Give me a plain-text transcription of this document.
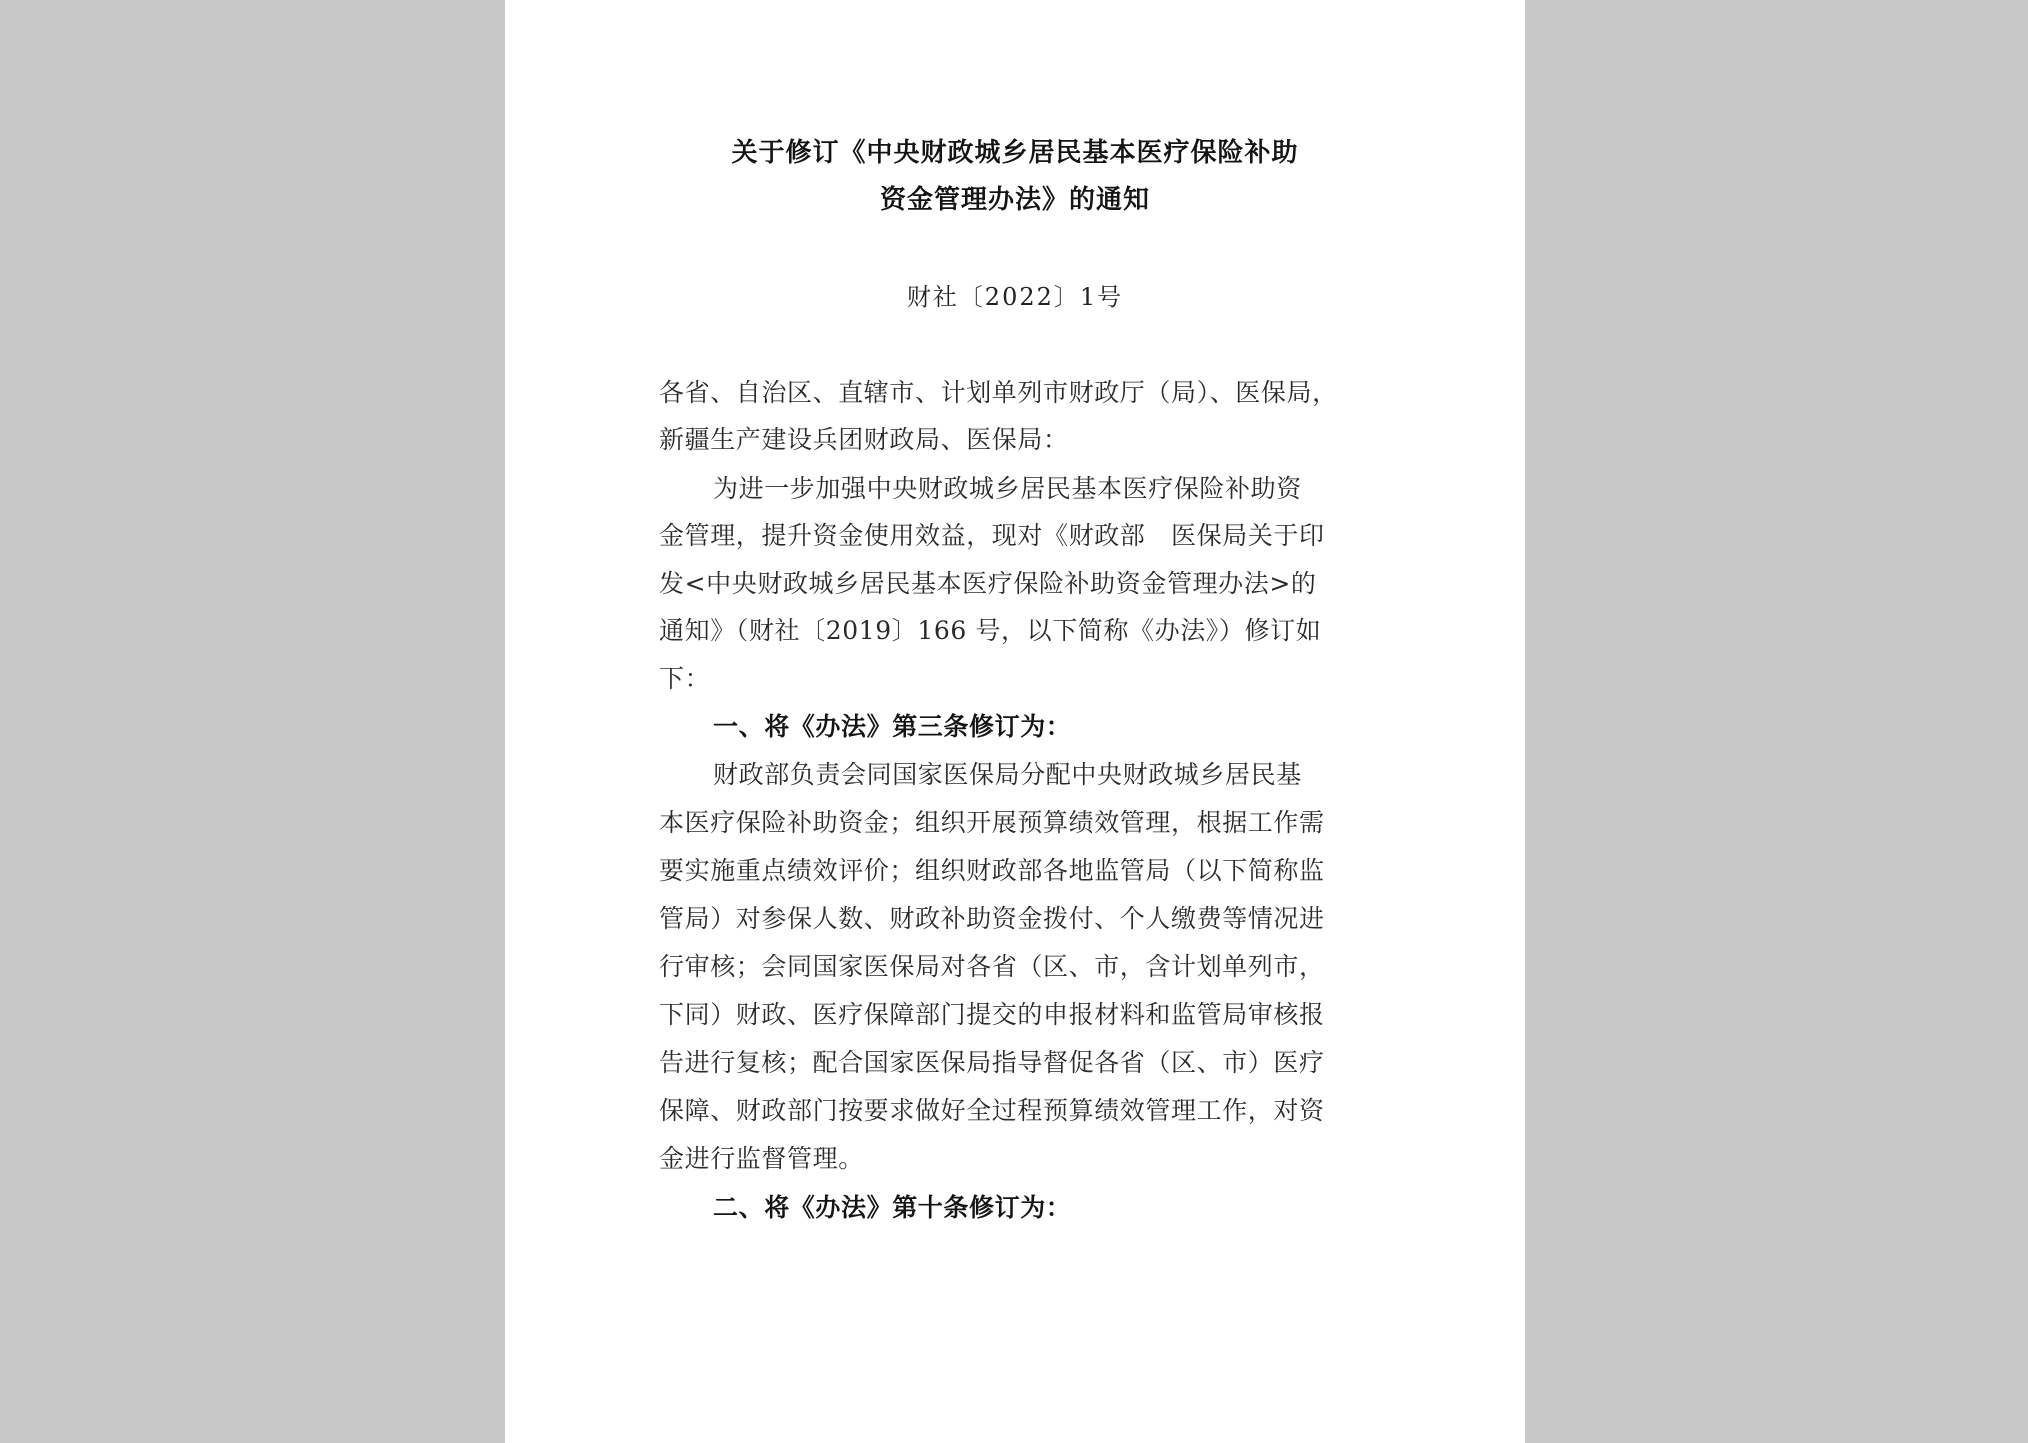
关于修订《中央财政城乡居民基本医疗保险补助
资金管理办法》的通知
财社〔2022〕1号
各省、自治区、直辖市、计划单列市财政厅（局）、医保局，
新疆生产建设兵团财政局、医保局：
为进一步加强中央财政城乡居民基本医疗保险补助资
金管理，提升资金使用效益，现对《财政部　医保局关于印
发<中央财政城乡居民基本医疗保险补助资金管理办法>的
通知》（财社〔2019〕166 号，以下简称《办法》）修订如
下：
一、将《办法》第三条修订为：
财政部负责会同国家医保局分配中央财政城乡居民基
本医疗保险补助资金；组织开展预算绩效管理，根据工作需
要实施重点绩效评价；组织财政部各地监管局（以下简称监
管局）对参保人数、财政补助资金拨付、个人缴费等情况进
行审核；会同国家医保局对各省（区、市，含计划单列市，
下同）财政、医疗保障部门提交的申报材料和监管局审核报
告进行复核；配合国家医保局指导督促各省（区、市）医疗
保障、财政部门按要求做好全过程预算绩效管理工作，对资
金进行监督管理。
二、将《办法》第十条修订为：
